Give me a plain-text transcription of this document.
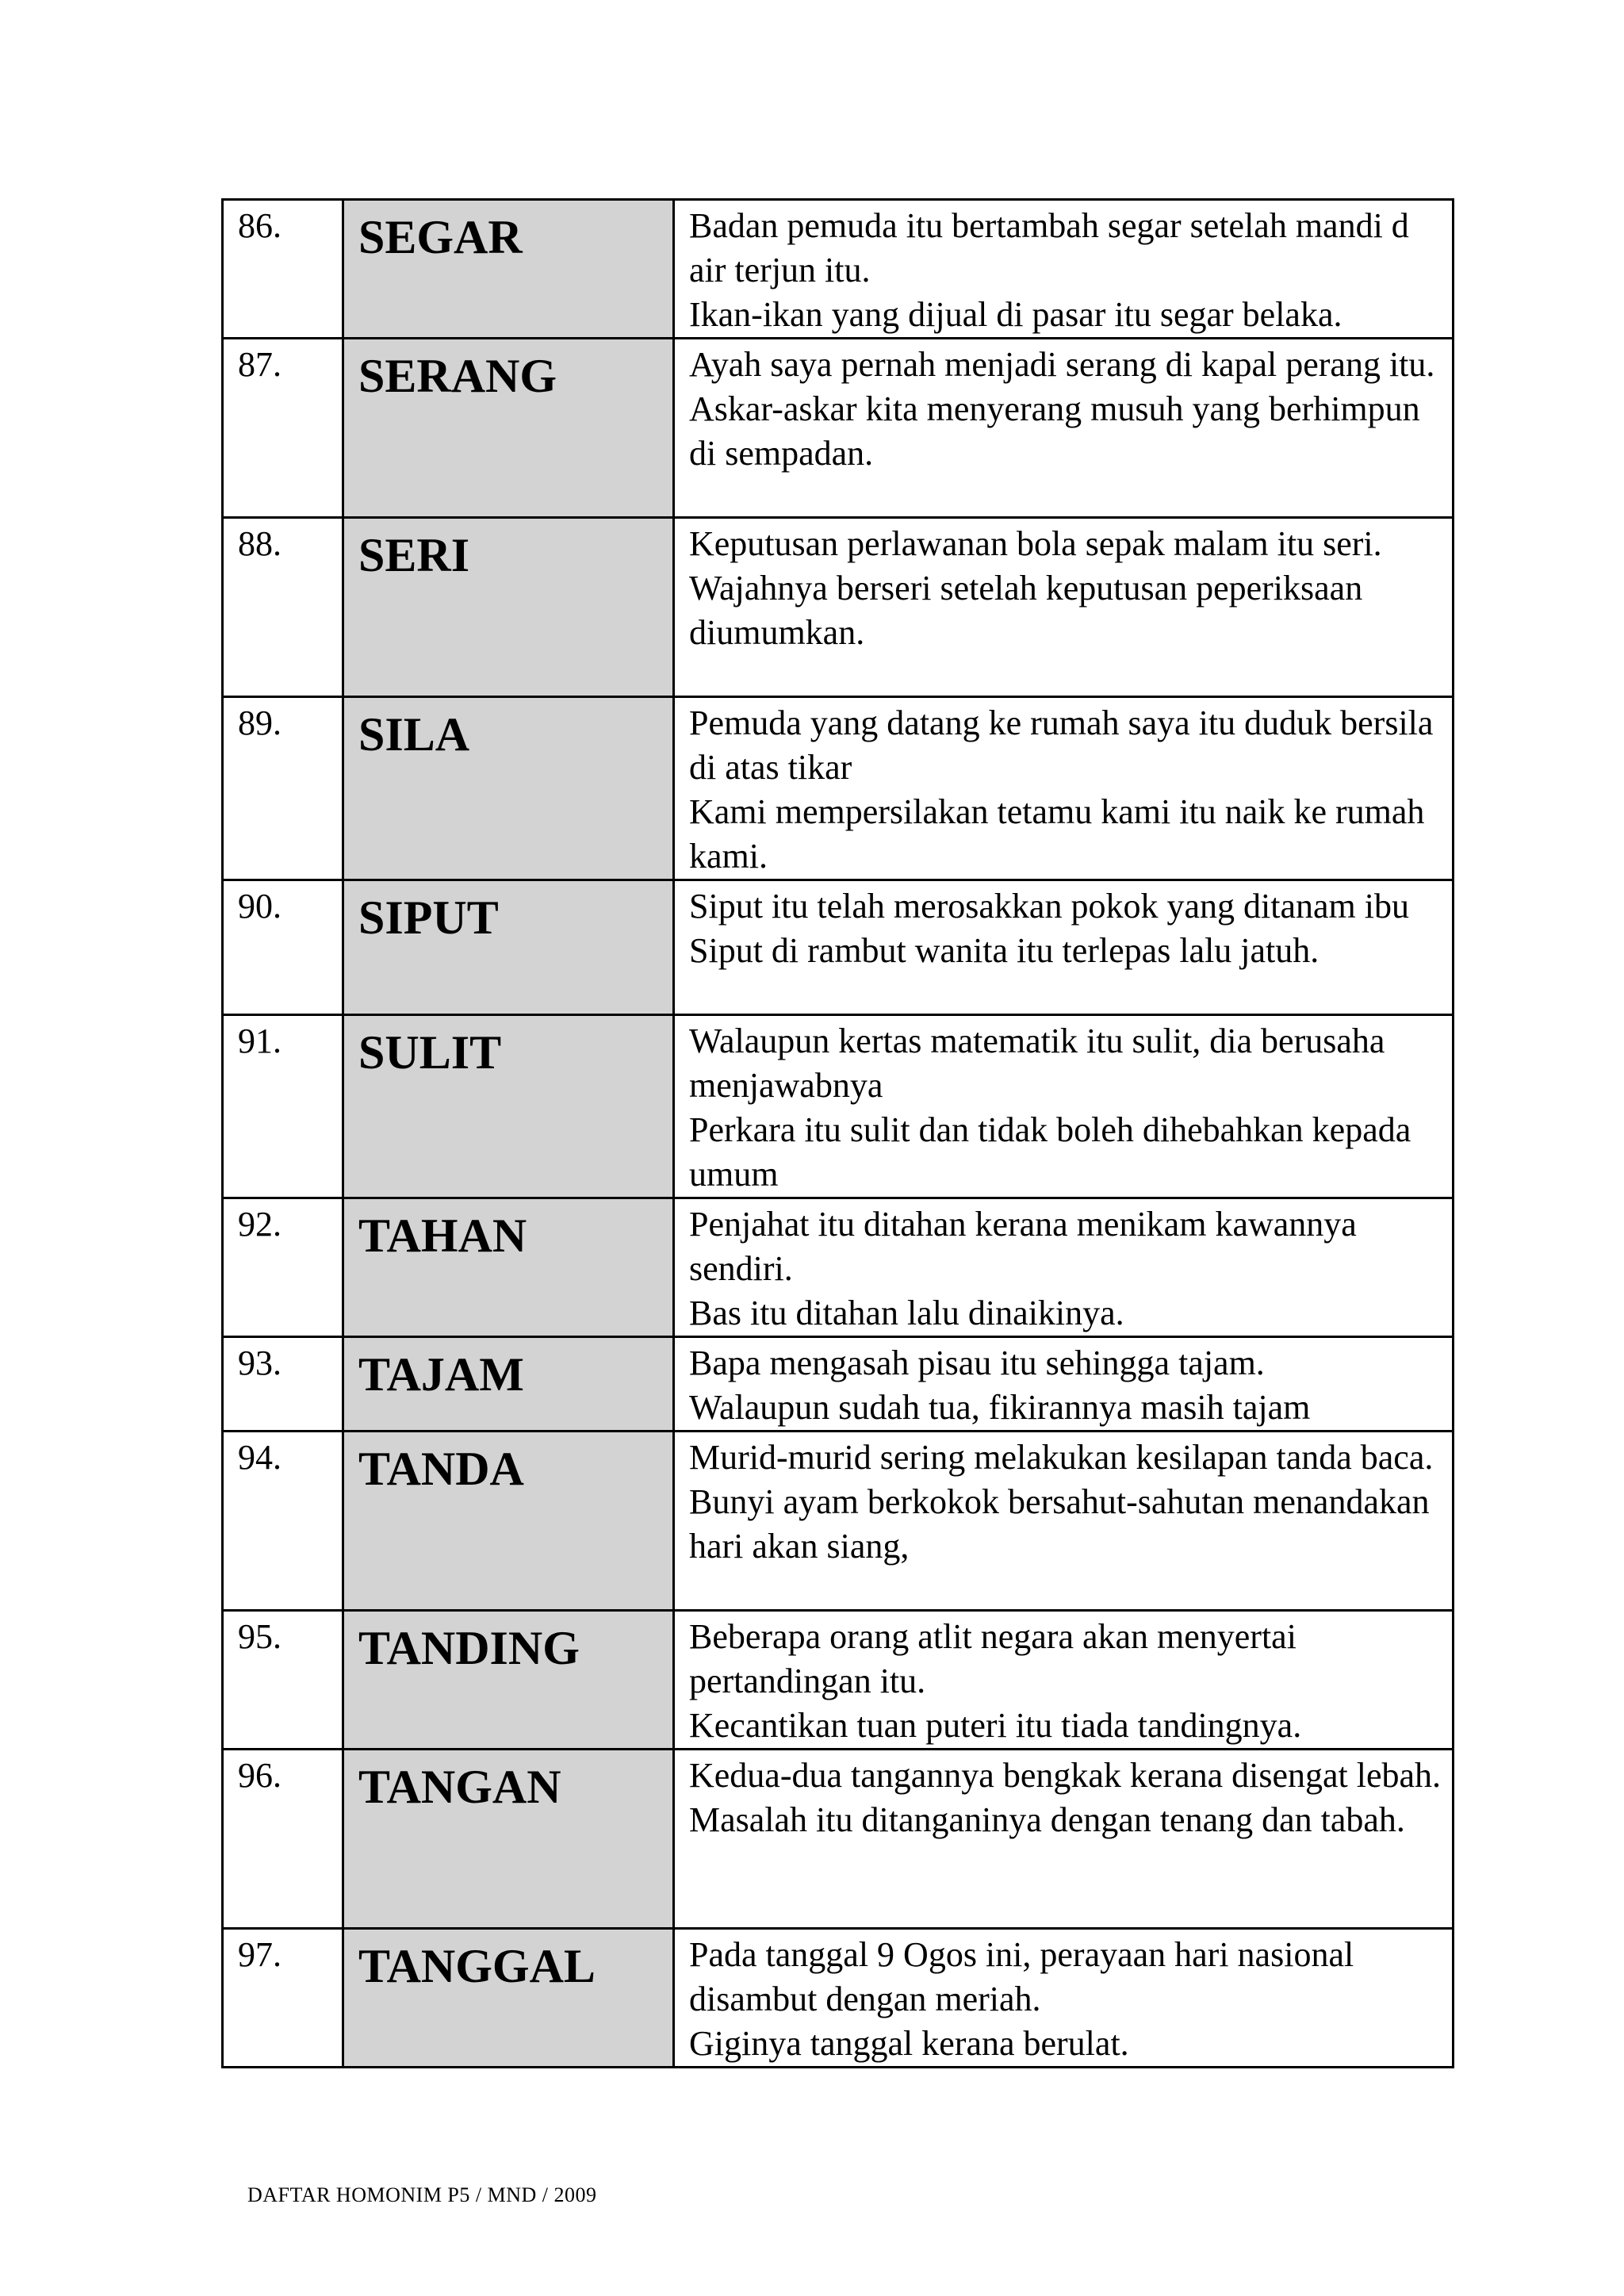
86.	SEGAR	Badan pemuda itu bertambah segar setelah mandi d air terjun itu.
Ikan-ikan yang dijual di pasar itu segar belaka.

87.	SERANG	Ayah saya pernah menjadi serang di kapal perang itu.
Askar-askar kita menyerang musuh yang berhimpun di sempadan.

88.	SERI	Keputusan perlawanan bola sepak malam itu seri.
Wajahnya berseri setelah keputusan peperiksaan diumumkan.

89.	SILA	Pemuda yang datang ke rumah saya itu duduk bersila di atas tikar
Kami mempersilakan tetamu kami itu naik ke rumah kami.

90.	SIPUT	Siput itu telah merosakkan pokok yang ditanam ibu
Siput di rambut wanita itu terlepas lalu jatuh.

91.	SULIT	Walaupun kertas matematik itu sulit, dia berusaha menjawabnya
Perkara itu sulit dan tidak boleh dihebahkan kepada umum

92.	TAHAN	Penjahat itu ditahan kerana menikam kawannya sendiri.
Bas itu ditahan lalu dinaikinya.

93.	TAJAM	Bapa mengasah pisau itu sehingga tajam.
Walaupun sudah tua, fikirannya masih tajam

94.	TANDA	Murid-murid sering melakukan kesilapan tanda baca.
Bunyi ayam berkokok bersahut-sahutan menandakan hari akan siang,

95.	TANDING	Beberapa orang atlit negara akan menyertai pertandingan itu.
Kecantikan tuan puteri itu tiada tandingnya.

96.	TANGAN	Kedua-dua tangannya bengkak kerana disengat lebah.
Masalah itu ditanganinya dengan tenang dan tabah.

97.	TANGGAL	Pada tanggal 9 Ogos ini, perayaan hari nasional disambut dengan meriah.
Giginya tanggal kerana berulat.
DAFTAR HOMONIM P5 / MND / 2009
